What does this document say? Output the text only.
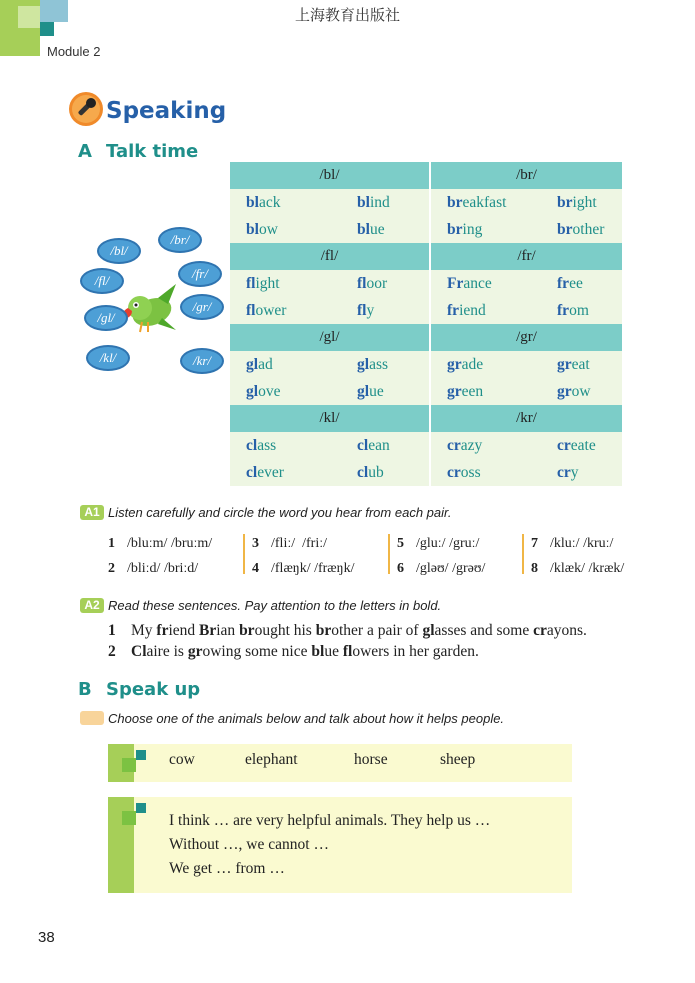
上海教育出版社
Module 2
Speaking
A Talk time
/bl/
/br/
/fl/	/fr/
/gl/
/gr/
/kl/	/kr/
/bl/		/br/	
black	blind	breakfast	bright
blow	blue	bring	brother
/fl/		/fr/	
flight	floor	France	free
flower	fly	friend	from
/gl/		/gr/	
glad	glass	grade	great
glove	glue	green	grow
/kl/		/kr/	
class	clean	crazy	create
clever	club	cross	cry
A1 Listen carefully and circle the word you hear from each pair.
1 /bluːm/ /bruːm/
2 /bliːd/ /briːd/
3 /fliː/ /friː/
4 /flæŋk/ /fræŋk/
5 /gluː/ /gruː/
6 /gləʊ/ /grəʊ/
7 /kluː/ /kruː/
8 /klæk/ /kræk/
A2 Read these sentences. Pay attention to the letters in bold.
1 My friend Brian brought his brother a pair of glasses and some crayons.
2 Claire is growing some nice blue flowers in her garden.
B Speak up
Choose one of the animals below and talk about how it helps people.
cow	elephant	horse	sheep
I think … are very helpful animals. They help us …
Without …, we cannot …
We get … from …
38
